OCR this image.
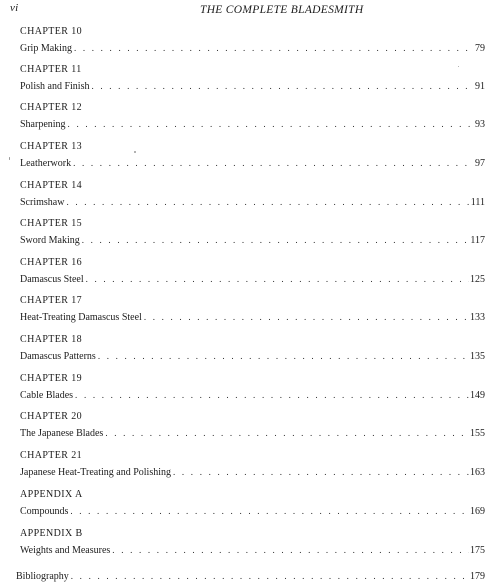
vi	THE COMPLETE BLADESMITH
CHAPTER 10
Grip Making . . .	79
CHAPTER 11
Polish and Finish . . .	91
CHAPTER 12
Sharpening . . .	93
CHAPTER 13
Leatherwork . . .	97
CHAPTER 14
Scrimshaw . . .	111
CHAPTER 15
Sword Making . . .	117
CHAPTER 16
Damascus Steel . . .	125
CHAPTER 17
Heat-Treating Damascus Steel . . .	133
CHAPTER 18
Damascus Patterns . . .	135
CHAPTER 19
Cable Blades . . .	149
CHAPTER 20
The Japanese Blades . . .	155
CHAPTER 21
Japanese Heat-Treating and Polishing . . .	163
APPENDIX A
Compounds . . .	169
APPENDIX B
Weights and Measures . . .	175
Bibliography . . .	179
